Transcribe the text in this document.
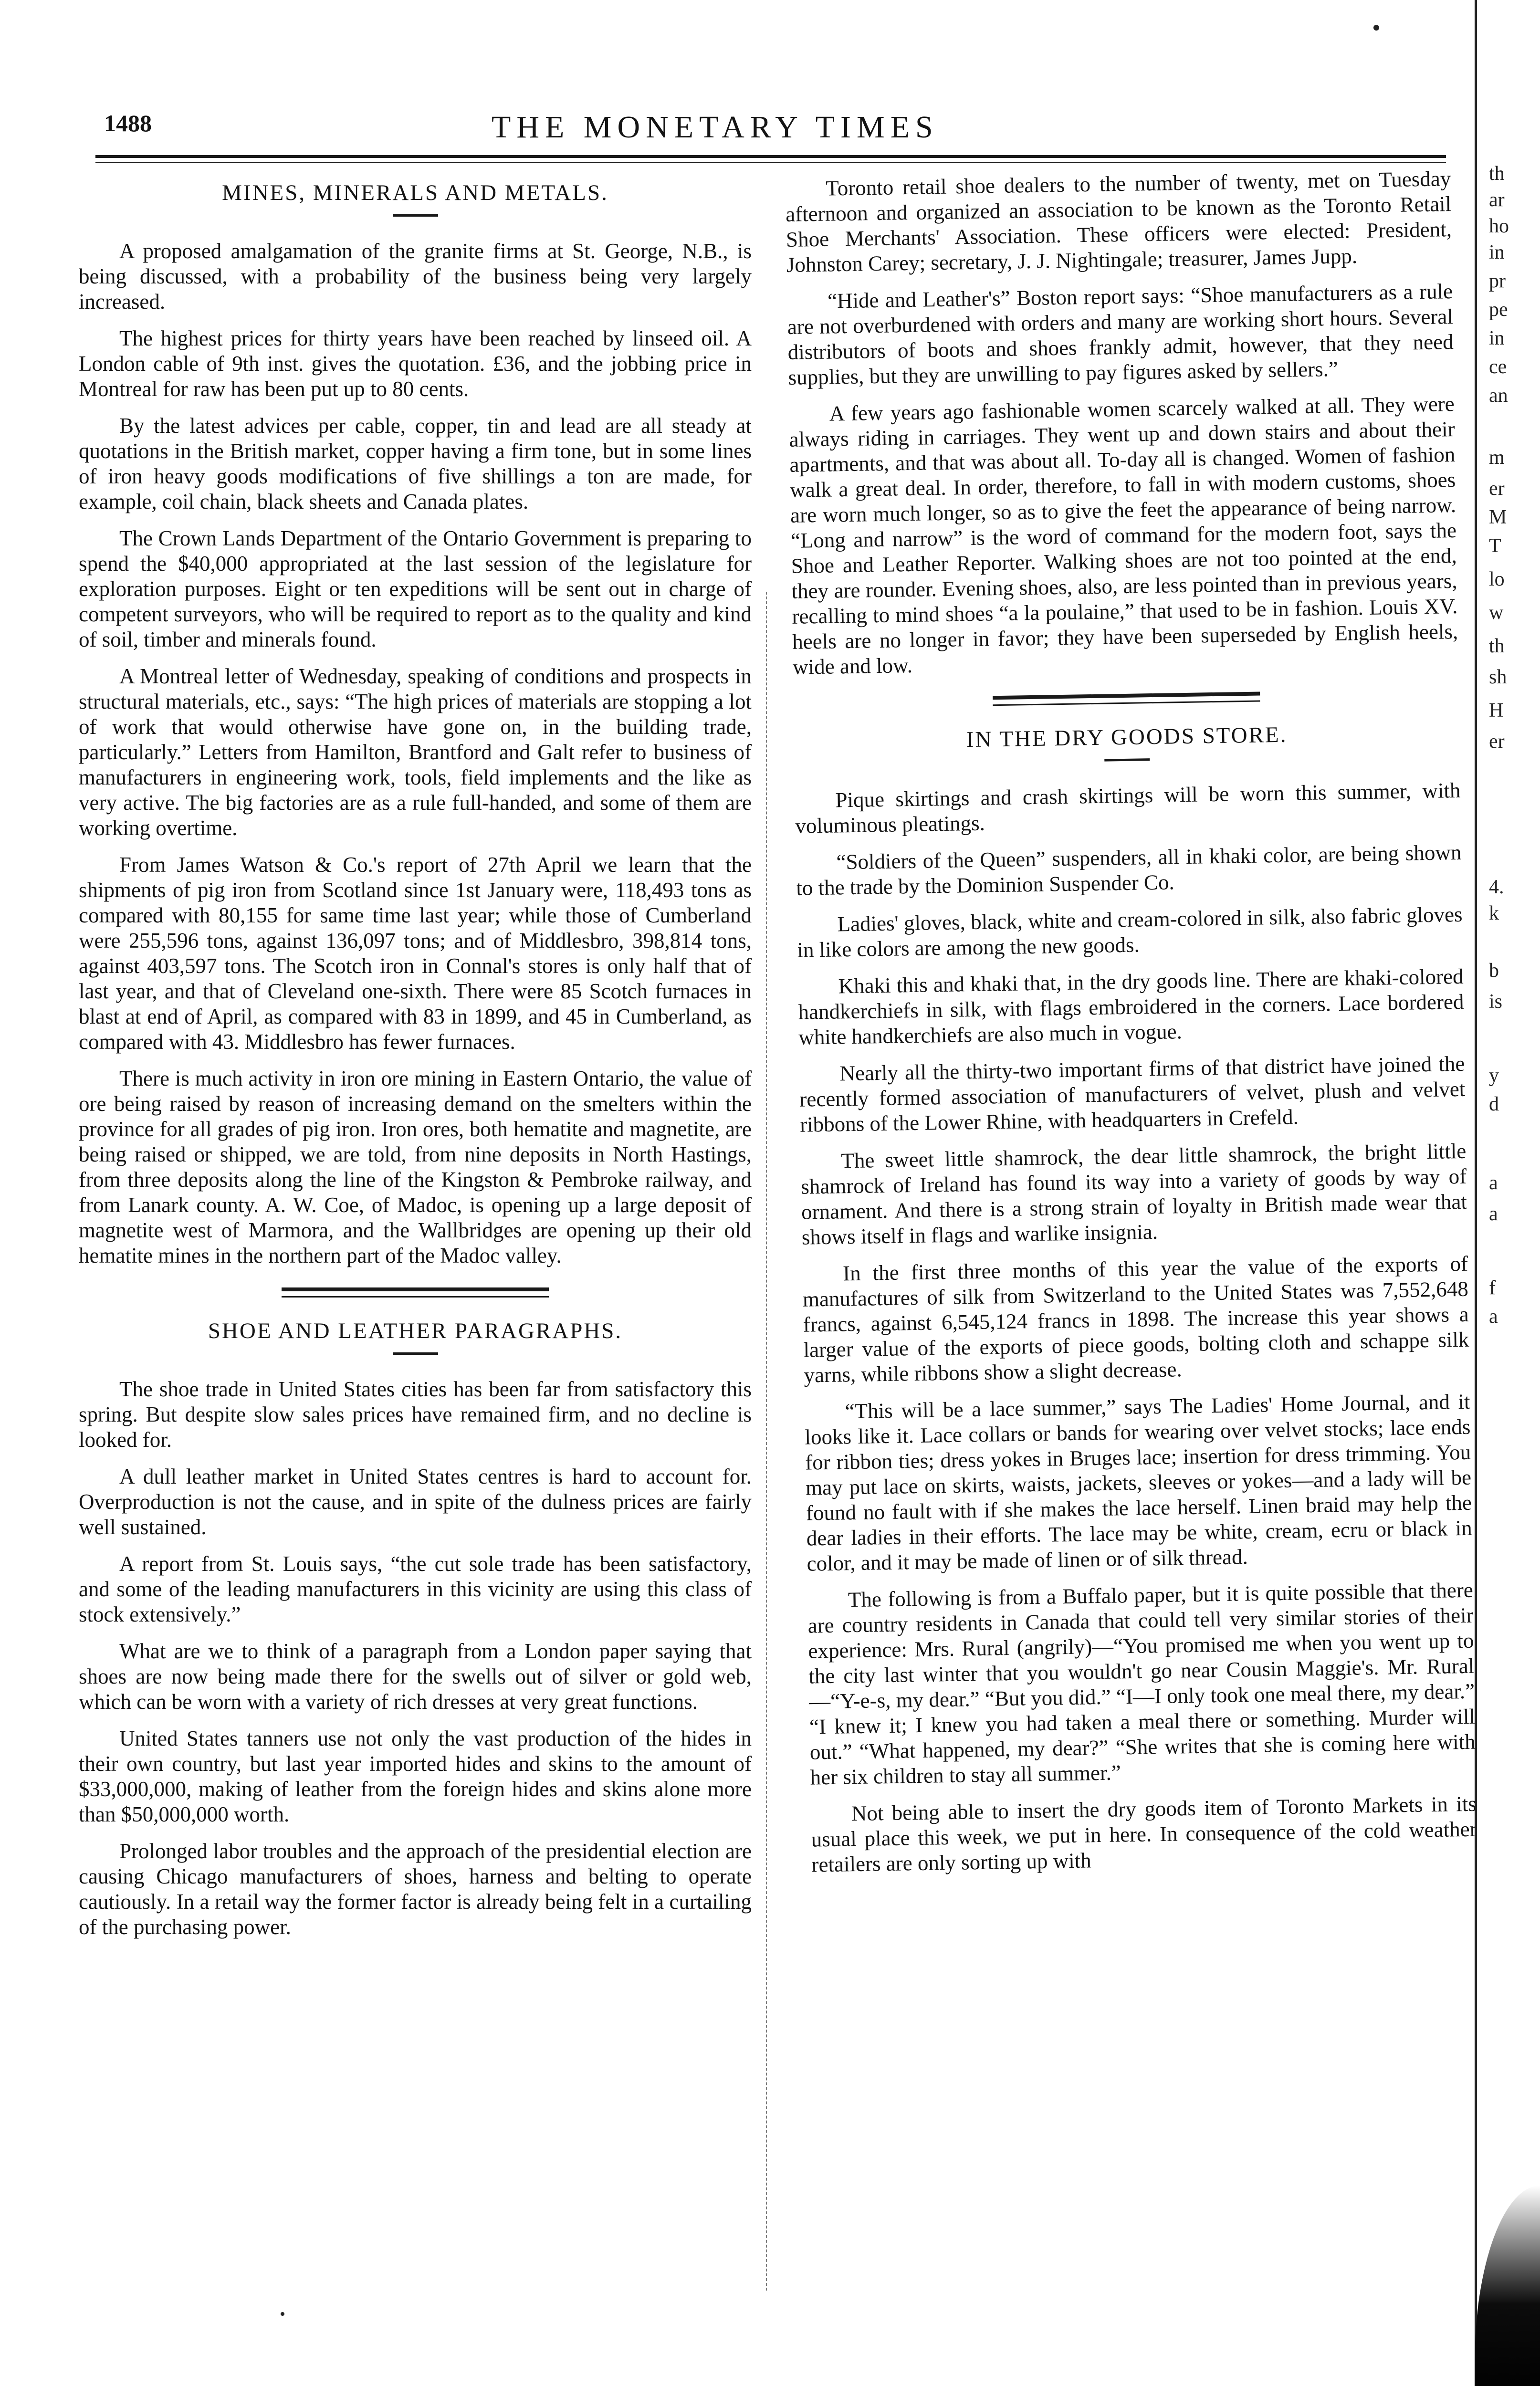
1488	THE MONETARY TIMES
MINES, MINERALS AND METALS.

A proposed amalgamation of the granite firms at St. George, N.B., is being discussed, with a probability of the business being very largely increased.

The highest prices for thirty years have been reached by linseed oil. A London cable of 9th inst. gives the quotation. £36, and the jobbing price in Montreal for raw has been put up to 80 cents.

By the latest advices per cable, copper, tin and lead are all steady at quotations in the British market, copper having a firm tone, but in some lines of iron heavy goods modifications of five shillings a ton are made, for example, coil chain, black sheets and Canada plates.

The Crown Lands Department of the Ontario Government is preparing to spend the $40,000 appropriated at the last session of the legislature for exploration purposes. Eight or ten expeditions will be sent out in charge of competent surveyors, who will be required to report as to the quality and kind of soil, timber and minerals found.

A Montreal letter of Wednesday, speaking of conditions and prospects in structural materials, etc., says: “The high prices of materials are stopping a lot of work that would otherwise have gone on, in the building trade, particularly.” Letters from Hamilton, Brantford and Galt refer to business of manufacturers in engineering work, tools, field implements and the like as very active. The big factories are as a rule full-handed, and some of them are working overtime.

From James Watson & Co.'s report of 27th April we learn that the shipments of pig iron from Scotland since 1st January were, 118,493 tons as compared with 80,155 for same time last year; while those of Cumberland were 255,596 tons, against 136,097 tons; and of Middlesbro, 398,814 tons, against 403,597 tons. The Scotch iron in Connal's stores is only half that of last year, and that of Cleveland one-sixth. There were 85 Scotch furnaces in blast at end of April, as compared with 83 in 1899, and 45 in Cumberland, as compared with 43. Middlesbro has fewer furnaces.

There is much activity in iron ore mining in Eastern Ontario, the value of ore being raised by reason of increasing demand on the smelters within the province for all grades of pig iron. Iron ores, both hematite and magnetite, are being raised or shipped, we are told, from nine deposits in North Hastings, from three deposits along the line of the Kingston & Pembroke railway, and from Lanark county. A. W. Coe, of Madoc, is opening up a large deposit of magnetite west of Marmora, and the Wallbridges are opening up their old hematite mines in the northern part of the Madoc valley.

SHOE AND LEATHER PARAGRAPHS.

The shoe trade in United States cities has been far from satisfactory this spring. But despite slow sales prices have remained firm, and no decline is looked for.

A dull leather market in United States centres is hard to account for. Overproduction is not the cause, and in spite of the dulness prices are fairly well sustained.

A report from St. Louis says, “the cut sole trade has been satisfactory, and some of the leading manufacturers in this vicinity are using this class of stock extensively.”

What are we to think of a paragraph from a London paper saying that shoes are now being made there for the swells out of silver or gold web, which can be worn with a variety of rich dresses at very great functions.

United States tanners use not only the vast production of the hides in their own country, but last year imported hides and skins to the amount of $33,000,000, making of leather from the foreign hides and skins alone more than $50,000,000 worth.

Prolonged labor troubles and the approach of the presidential election are causing Chicago manufacturers of shoes, harness and belting to operate cautiously. In a retail way the former factor is already being felt in a curtailing of the purchasing power.

Toronto retail shoe dealers to the number of twenty, met on Tuesday afternoon and organized an association to be known as the Toronto Retail Shoe Merchants' Association. These officers were elected: President, Johnston Carey; secretary, J. J. Nightingale; treasurer, James Jupp.

“Hide and Leather's” Boston report says: “Shoe manufacturers as a rule are not overburdened with orders and many are working short hours. Several distributors of boots and shoes frankly admit, however, that they need supplies, but they are unwilling to pay figures asked by sellers.”

A few years ago fashionable women scarcely walked at all. They were always riding in carriages. They went up and down stairs and about their apartments, and that was about all. To-day all is changed. Women of fashion walk a great deal. In order, therefore, to fall in with modern customs, shoes are worn much longer, so as to give the feet the appearance of being narrow. “Long and narrow” is the word of command for the modern foot, says the Shoe and Leather Reporter. Walking shoes are not too pointed at the end, they are rounder. Evening shoes, also, are less pointed than in previous years, recalling to mind shoes “a la poulaine,” that used to be in fashion. Louis XV. heels are no longer in favor; they have been superseded by English heels, wide and low.

IN THE DRY GOODS STORE.

Pique skirtings and crash skirtings will be worn this summer, with voluminous pleatings.

“Soldiers of the Queen” suspenders, all in khaki color, are being shown to the trade by the Dominion Suspender Co.

Ladies' gloves, black, white and cream-colored in silk, also fabric gloves in like colors are among the new goods.

Khaki this and khaki that, in the dry goods line. There are khaki-colored handkerchiefs in silk, with flags embroidered in the corners. Lace bordered white handkerchiefs are also much in vogue.

Nearly all the thirty-two important firms of that district have joined the recently formed association of manufacturers of velvet, plush and velvet ribbons of the Lower Rhine, with headquarters in Crefeld.

The sweet little shamrock, the dear little shamrock, the bright little shamrock of Ireland has found its way into a variety of goods by way of ornament. And there is a strong strain of loyalty in British made wear that shows itself in flags and warlike insignia.

In the first three months of this year the value of the exports of manufactures of silk from Switzerland to the United States was 7,552,648 francs, against 6,545,124 francs in 1898. The increase this year shows a larger value of the exports of piece goods, bolting cloth and schappe silk yarns, while ribbons show a slight decrease.

“This will be a lace summer,” says The Ladies' Home Journal, and it looks like it. Lace collars or bands for wearing over velvet stocks; lace ends for ribbon ties; dress yokes in Bruges lace; insertion for dress trimming. You may put lace on skirts, waists, jackets, sleeves or yokes—and a lady will be found no fault with if she makes the lace herself. Linen braid may help the dear ladies in their efforts. The lace may be white, cream, ecru or black in color, and it may be made of linen or of silk thread.

The following is from a Buffalo paper, but it is quite possible that there are country residents in Canada that could tell very similar stories of their experience: Mrs. Rural (angrily)—“You promised me when you went up to the city last winter that you wouldn't go near Cousin Maggie's. Mr. Rural—“Y-e-s, my dear.” “But you did.” “I—I only took one meal there, my dear.” “I knew it; I knew you had taken a meal there or something. Murder will out.” “What happened, my dear?” “She writes that she is coming here with her six children to stay all summer.”

Not being able to insert the dry goods item of Toronto Markets in its usual place this week, we put in here. In consequence of the cold weather retailers are only sorting up with

th
ar
ho
in
pr
pe
in
ce
an
m
er
M
T
lo
w
th
sh
H
er
4.
k
b
is
y
d
a
a
f
a
